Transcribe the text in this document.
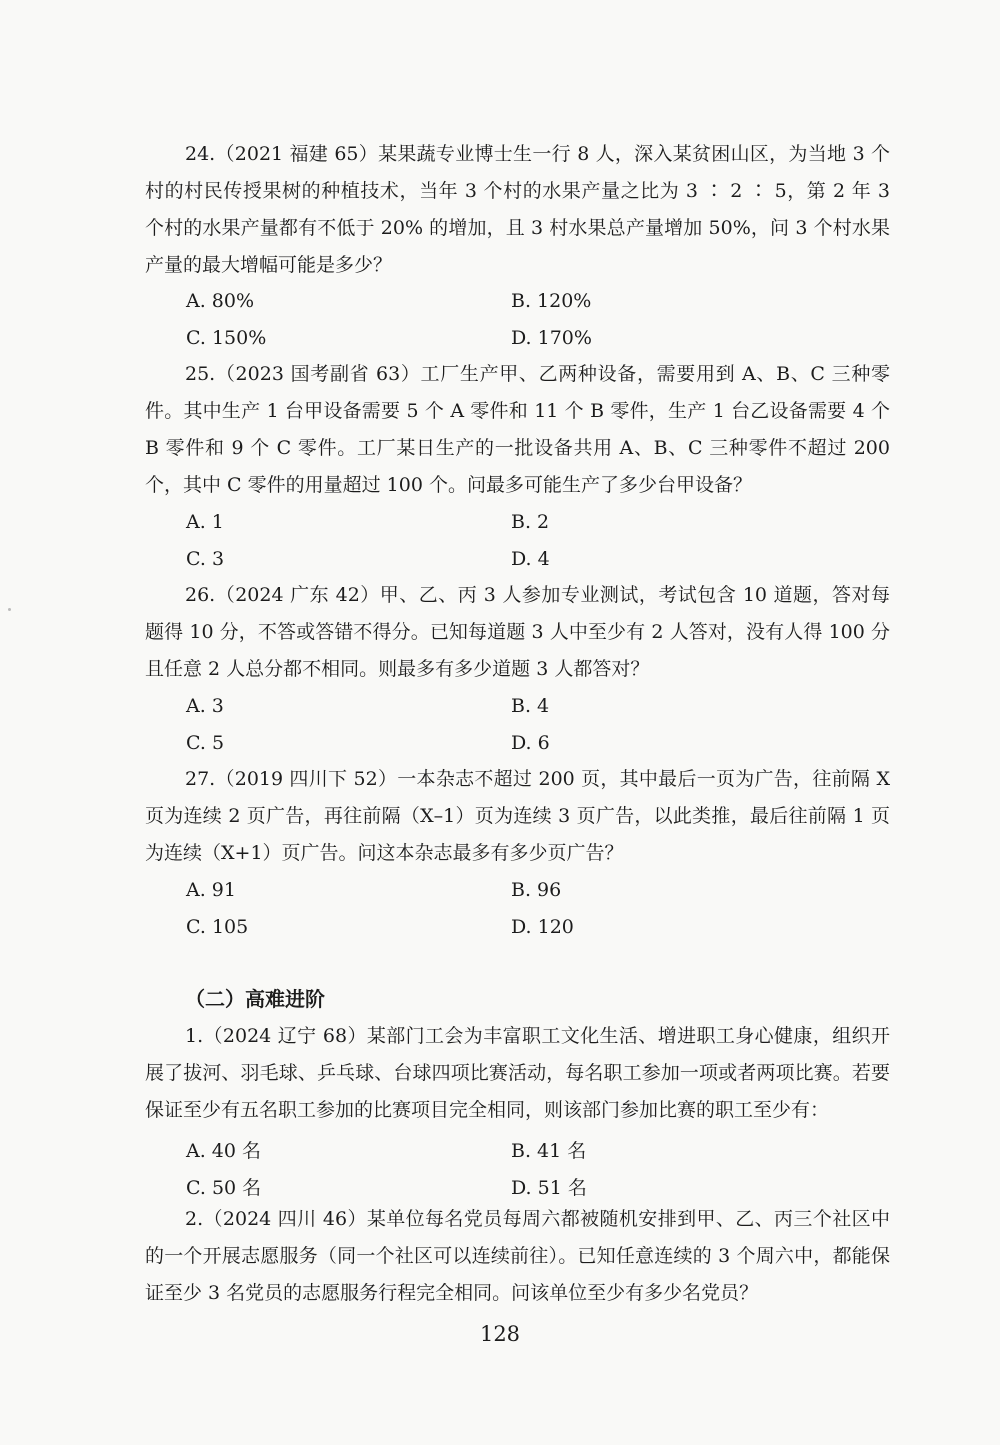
24.（2021 福建 65）某果蔬专业博士生一行 8 人，深入某贫困山区，为当地 3 个村的村民传授果树的种植技术，当年 3 个村的水果产量之比为 3 ∶ 2 ∶ 5，第 2 年 3 个村的水果产量都有不低于 20% 的增加，且 3 村水果总产量增加 50%，问 3 个村水果产量的最大增幅可能是多少？

A. 80%	B. 120%
C. 150%	D. 170%

25.（2023 国考副省 63）工厂生产甲、乙两种设备，需要用到 A、B、C 三种零件。其中生产 1 台甲设备需要 5 个 A 零件和 11 个 B 零件，生产 1 台乙设备需要 4 个 B 零件和 9 个 C 零件。工厂某日生产的一批设备共用 A、B、C 三种零件不超过 200 个，其中 C 零件的用量超过 100 个。问最多可能生产了多少台甲设备？

A. 1	B. 2
C. 3	D. 4

26.（2024 广东 42）甲、乙、丙 3 人参加专业测试，考试包含 10 道题，答对每题得 10 分，不答或答错不得分。已知每道题 3 人中至少有 2 人答对，没有人得 100 分且任意 2 人总分都不相同。则最多有多少道题 3 人都答对？

A. 3	B. 4
C. 5	D. 6

27.（2019 四川下 52）一本杂志不超过 200 页，其中最后一页为广告，往前隔 X 页为连续 2 页广告，再往前隔（X–1）页为连续 3 页广告，以此类推，最后往前隔 1 页为连续（X+1）页广告。问这本杂志最多有多少页广告？

A. 91	B. 96
C. 105	D. 120
（二）高难进阶

1.（2024 辽宁 68）某部门工会为丰富职工文化生活、增进职工身心健康，组织开展了拔河、羽毛球、乒乓球、台球四项比赛活动，每名职工参加一项或者两项比赛。若要保证至少有五名职工参加的比赛项目完全相同，则该部门参加比赛的职工至少有：

A. 40 名	B. 41 名
C. 50 名	D. 51 名

2.（2024 四川 46）某单位每名党员每周六都被随机安排到甲、乙、丙三个社区中的一个开展志愿服务（同一个社区可以连续前往）。已知任意连续的 3 个周六中，都能保证至少 3 名党员的志愿服务行程完全相同。问该单位至少有多少名党员？

128
